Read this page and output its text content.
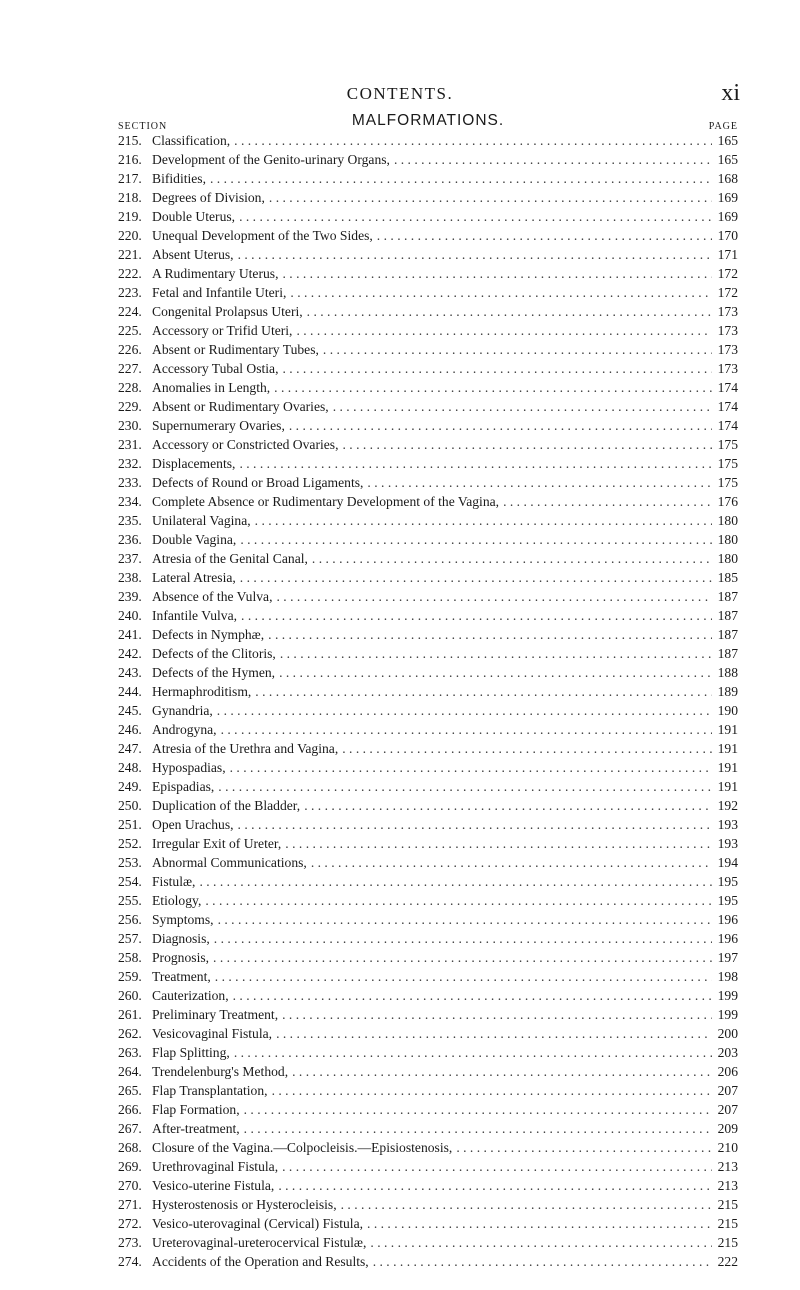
CONTENTS.	xi
SECTION	MALFORMATIONS.	PAGE
215. Classification, . . .	165
216. Development of the Genito-urinary Organs, . . .	165
217. Bifidities, . . .	168
218. Degrees of Division, . . .	169
219. Double Uterus, . . .	169
220. Unequal Development of the Two Sides, . . .	170
221. Absent Uterus, . . .	171
222. A Rudimentary Uterus, . . .	172
223. Fetal and Infantile Uteri, . . .	172
224. Congenital Prolapsus Uteri, . . .	173
225. Accessory or Trifid Uteri, . . .	173
226. Absent or Rudimentary Tubes, . . .	173
227. Accessory Tubal Ostia, . . .	173
228. Anomalies in Length, . . .	174
229. Absent or Rudimentary Ovaries, . . .	174
230. Supernumerary Ovaries, . . .	174
231. Accessory or Constricted Ovaries, . . .	175
232. Displacements, . . .	175
233. Defects of Round or Broad Ligaments, . . .	175
234. Complete Absence or Rudimentary Development of the Vagina, . . .	176
235. Unilateral Vagina, . . .	180
236. Double Vagina, . . .	180
237. Atresia of the Genital Canal, . . .	180
238. Lateral Atresia, . . .	185
239. Absence of the Vulva, . . .	187
240. Infantile Vulva, . . .	187
241. Defects in Nymphæ, . . .	187
242. Defects of the Clitoris, . . .	187
243. Defects of the Hymen, . . .	188
244. Hermaphroditism, . . .	189
245. Gynandria, . . .	190
246. Androgyna, . . .	191
247. Atresia of the Urethra and Vagina, . . .	191
248. Hypospadias, . . .	191
249. Epispadias, . . .	191
250. Duplication of the Bladder, . . .	192
251. Open Urachus, . . .	193
252. Irregular Exit of Ureter, . . .	193
253. Abnormal Communications, . . .	194
254. Fistulæ, . . .	195
255. Etiology, . . .	195
256. Symptoms, . . .	196
257. Diagnosis, . . .	196
258. Prognosis, . . .	197
259. Treatment, . . .	198
260. Cauterization, . . .	199
261. Preliminary Treatment, . . .	199
262. Vesicovaginal Fistula, . . .	200
263. Flap Splitting, . . .	203
264. Trendelenburg's Method, . . .	206
265. Flap Transplantation, . . .	207
266. Flap Formation, . . .	207
267. After-treatment, . . .	209
268. Closure of the Vagina.—Colpocleisis.—Episiostenosis, . . .	210
269. Urethrovaginal Fistula, . . .	213
270. Vesico-uterine Fistula, . . .	213
271. Hysterostenosis or Hysterocleisis, . . .	215
272. Vesico-uterovaginal (Cervical) Fistula, . . .	215
273. Ureterovaginal-ureterocervical Fistulæ, . . .	215
274. Accidents of the Operation and Results, . . .	222
